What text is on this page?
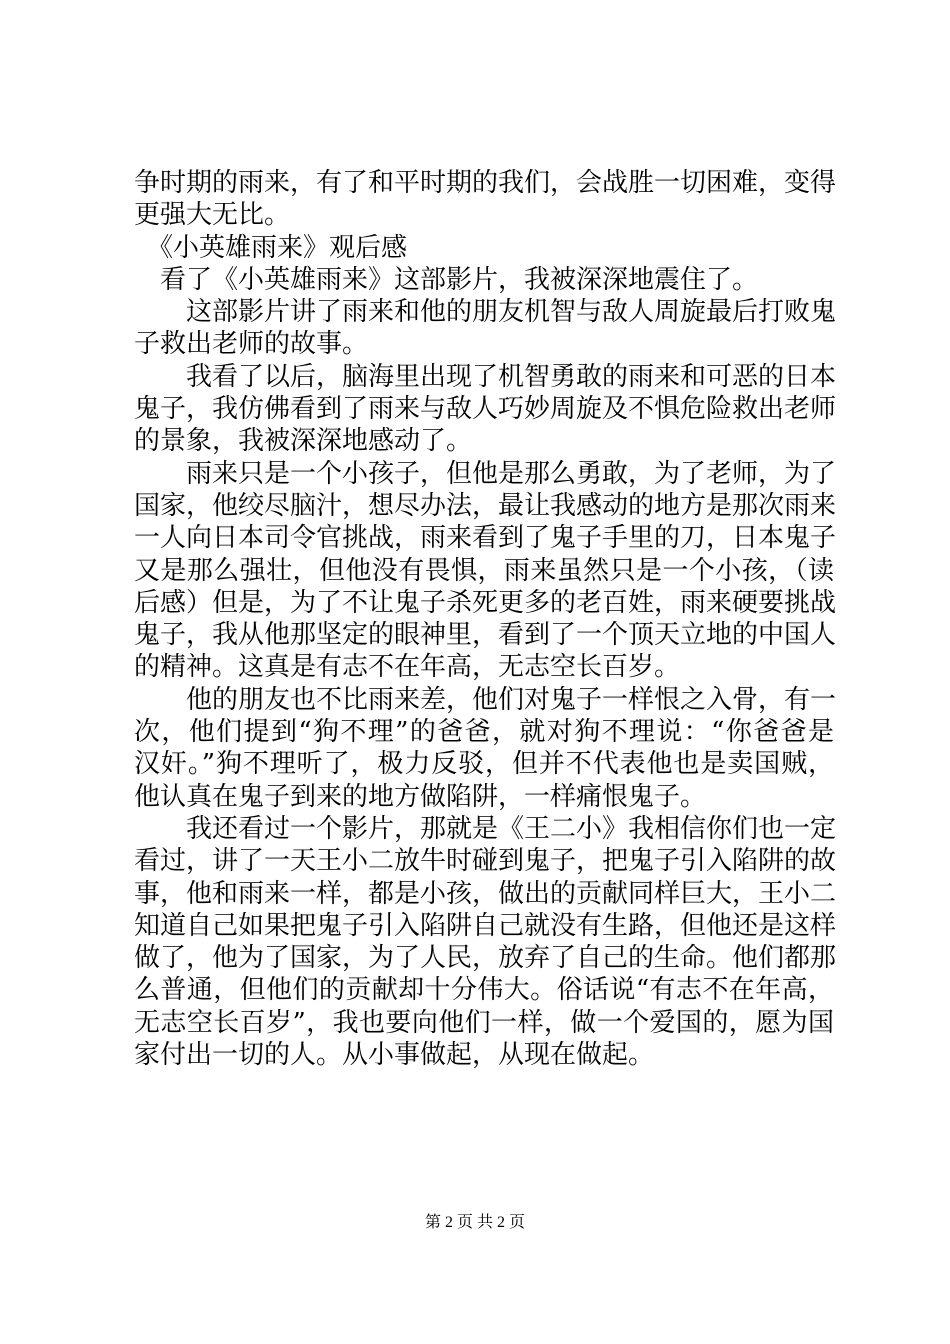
争时期的雨来，有了和平时期的我们，会战胜一切困难，变得
更强大无比。
　《小英雄雨来》观后感
　看了《小英雄雨来》这部影片，我被深深地震住了。
　　这部影片讲了雨来和他的朋友机智与敌人周旋最后打败鬼
子救出老师的故事。
　　我看了以后，脑海里出现了机智勇敢的雨来和可恶的日本
鬼子，我仿佛看到了雨来与敌人巧妙周旋及不惧危险救出老师
的景象，我被深深地感动了。
　　雨来只是一个小孩子，但他是那么勇敢，为了老师，为了
国家，他绞尽脑汁，想尽办法，最让我感动的地方是那次雨来
一人向日本司令官挑战，雨来看到了鬼子手里的刀，日本鬼子
又是那么强壮，但他没有畏惧，雨来虽然只是一个小孩，（读
后感）但是，为了不让鬼子杀死更多的老百姓，雨来硬要挑战
鬼子，我从他那坚定的眼神里，看到了一个顶天立地的中国人
的精神。这真是有志不在年高，无志空长百岁。
　　他的朋友也不比雨来差，他们对鬼子一样恨之入骨，有一
次，他们提到“狗不理”的爸爸，就对狗不理说：“你爸爸是
汉奸。”狗不理听了，极力反驳，但并不代表他也是卖国贼，
他认真在鬼子到来的地方做陷阱，一样痛恨鬼子。
　　我还看过一个影片，那就是《王二小》我相信你们也一定
看过，讲了一天王小二放牛时碰到鬼子，把鬼子引入陷阱的故
事，他和雨来一样，都是小孩，做出的贡献同样巨大，王小二
知道自己如果把鬼子引入陷阱自己就没有生路，但他还是这样
做了，他为了国家，为了人民，放弃了自己的生命。他们都那
么普通，但他们的贡献却十分伟大。俗话说“有志不在年高，
无志空长百岁”，我也要向他们一样，做一个爱国的，愿为国
家付出一切的人。从小事做起，从现在做起。
第 2 页 共 2 页
